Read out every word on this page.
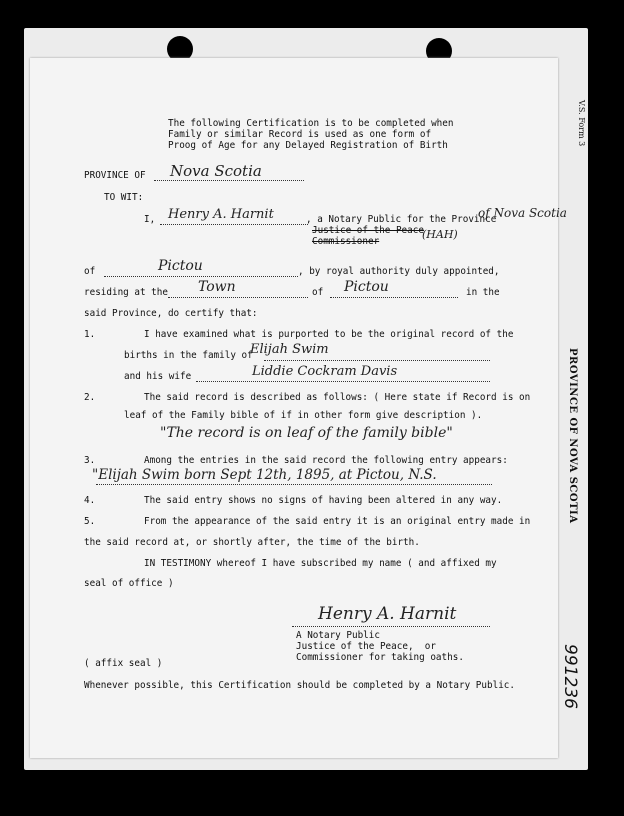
V.S. Form 3
PROVINCE OF NOVA SCOTIA
991236
The following Certification is to be completed when
Family or similar Record is used as one form of
Proog of Age for any Delayed Registration of Birth
PROVINCE OF Nova Scotia
TO WIT:
I, Henry A. Harnit	, a Notary Public for the Province
of Nova Scotia
Justice of the Peace
(HAH)
Commissioner
of	Pictou	, by royal authority duly appointed,
residing at the Town	of Pictou	in the
said Province, do certify that:
1.	I have examined what is purported to be the original record of the
births in the family of
Elijah Swim
and his wife	Liddie Cockram Davis
2.	The said record is described as follows: ( Here state if Record is on
leaf of the Family bible of if in other form give description ).
"The record is on leaf of the family bible"
3.	Among the entries in the said record the following entry appears:
"Elijah Swim born Sept 12th, 1895, at Pictou, N.S.
4.	The said entry shows no signs of having been altered in any way.
5.	From the appearance of the said entry it is an original entry made in
the said record at, or shortly after, the time of the birth.
IN TESTIMONY whereof I have subscribed my name ( and affixed my
seal of office )
Henry A. Harnit
A Notary Public
Justice of the Peace,  or
Commissioner for taking oaths.
( affix seal )
Whenever possible, this Certification should be completed by a Notary Public.
